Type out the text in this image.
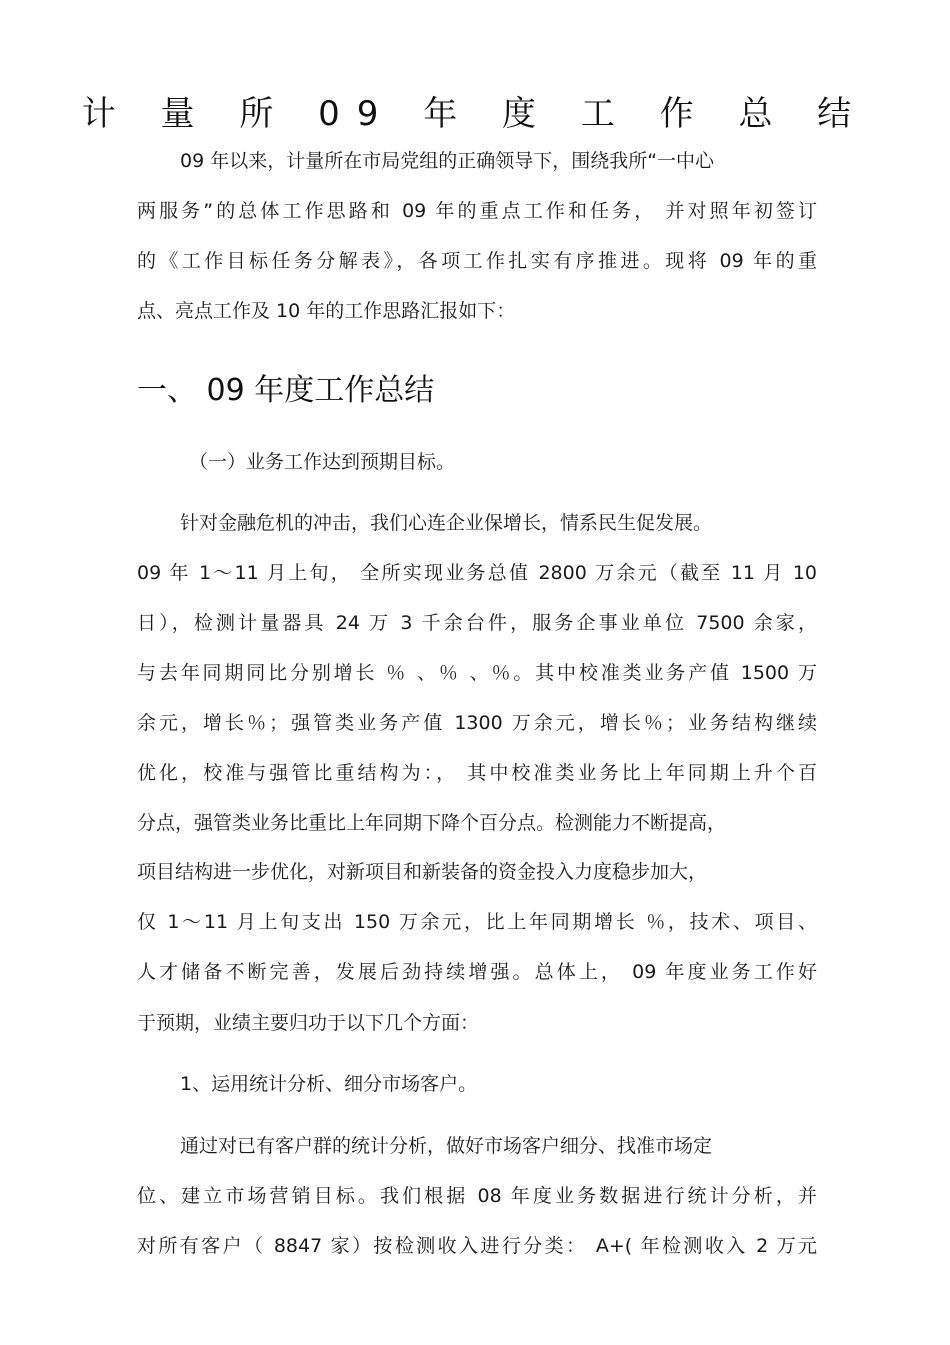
计 量 所 09 年 度 工 作 总 结
09 年以来，计量所在市局党组的正确领导下，围绕我所“一中心
两服务”的总体工作思路和 09 年的重点工作和任务， 并对照年初签订
的《工作目标任务分解表》，各项工作扎实有序推进。现将 09 年的重
点、亮点工作及 10 年的工作思路汇报如下：
一、 09 年度工作总结
（一）业务工作达到预期目标。
针对金融危机的冲击，我们心连企业保增长，情系民生促发展。
09 年 1～11 月上旬， 全所实现业务总值 2800 万余元（截至 11 月 10
日），检测计量器具 24 万 3 千余台件，服务企事业单位 7500 余家，
与去年同期同比分别增长 ％ 、％ 、％。其中校准类业务产值 1500 万
余元，增长％；强管类业务产值 1300 万余元，增长％；业务结构继续
优化，校准与强管比重结构为：， 其中校准类业务比上年同期上升个百
分点，强管类业务比重比上年同期下降个百分点。检测能力不断提高，
项目结构进一步优化，对新项目和新装备的资金投入力度稳步加大，
仅 1～11 月上旬支出 150 万余元，比上年同期增长 ％，技术、项目、
人才储备不断完善，发展后劲持续增强。总体上， 09 年度业务工作好
于预期，业绩主要归功于以下几个方面：
1、运用统计分析、细分市场客户。
通过对已有客户群的统计分析，做好市场客户细分、找准市场定
位、建立市场营销目标。我们根据 08 年度业务数据进行统计分析，并
对所有客户（ 8847 家）按检测收入进行分类： A+( 年检测收入 2 万元
